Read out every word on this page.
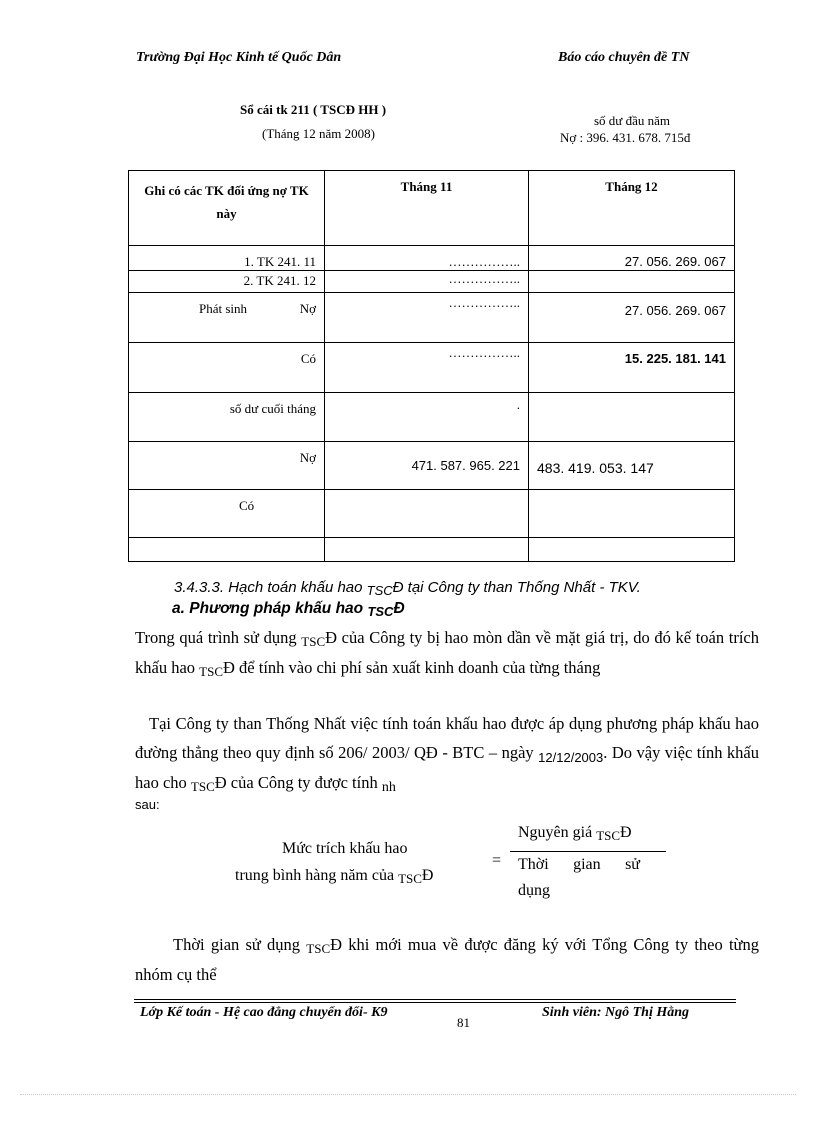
Trường Đại Học Kinh tế Quốc Dân	Báo cáo chuyên đề TN
Sổ cái tk 211 ( TSCĐ HH )
(Tháng 12 năm 2008)
số dư đầu năm
Nợ : 396. 431. 678. 715đ
Ghi có các TK đối ứng nợ TK này	Tháng 11	Tháng 12
1. TK 241. 11	……………..	27. 056. 269. 067
2. TK 241. 12	……………..	
Phát sinh Nợ	……………..	27. 056. 269. 067
Có	……………..	15. 225. 181. 141
số dư cuối tháng	.	
Nợ	471. 587. 965. 221	483. 419. 053. 147
Có		

3.4.3.3. Hạch toán khấu hao TSCĐ tại Công ty than Thống Nhất - TKV.
a. Phương pháp khấu hao TSCĐ
Trong quá trình sử dụng TSCĐ của Công ty bị hao mòn dần về mặt giá trị, do đó kế toán trích khấu hao TSCĐ để tính vào chi phí sản xuất kinh doanh của từng tháng
Tại Công ty than Thống Nhất việc tính toán khấu hao được áp dụng phương pháp khấu hao đường thẳng theo quy định số 206/ 2003/ QĐ - BTC – ngày $_{12/12/2003}$. Do vậy việc tính khấu hao cho TSCĐ của Công ty được tính nh
sau:
Mức trích khấu hao
trung bình hàng năm của TSCĐ
=
Nguyên giá TSCĐ
Thời gian sử
dụng
Thời gian sử dụng TSCĐ khi mới mua về được đăng ký với Tổng Công ty theo từng nhóm cụ thể
Lớp Kế toán - Hệ cao đẳng chuyển đổi- K9
81
Sinh viên: Ngô Thị Hằng
